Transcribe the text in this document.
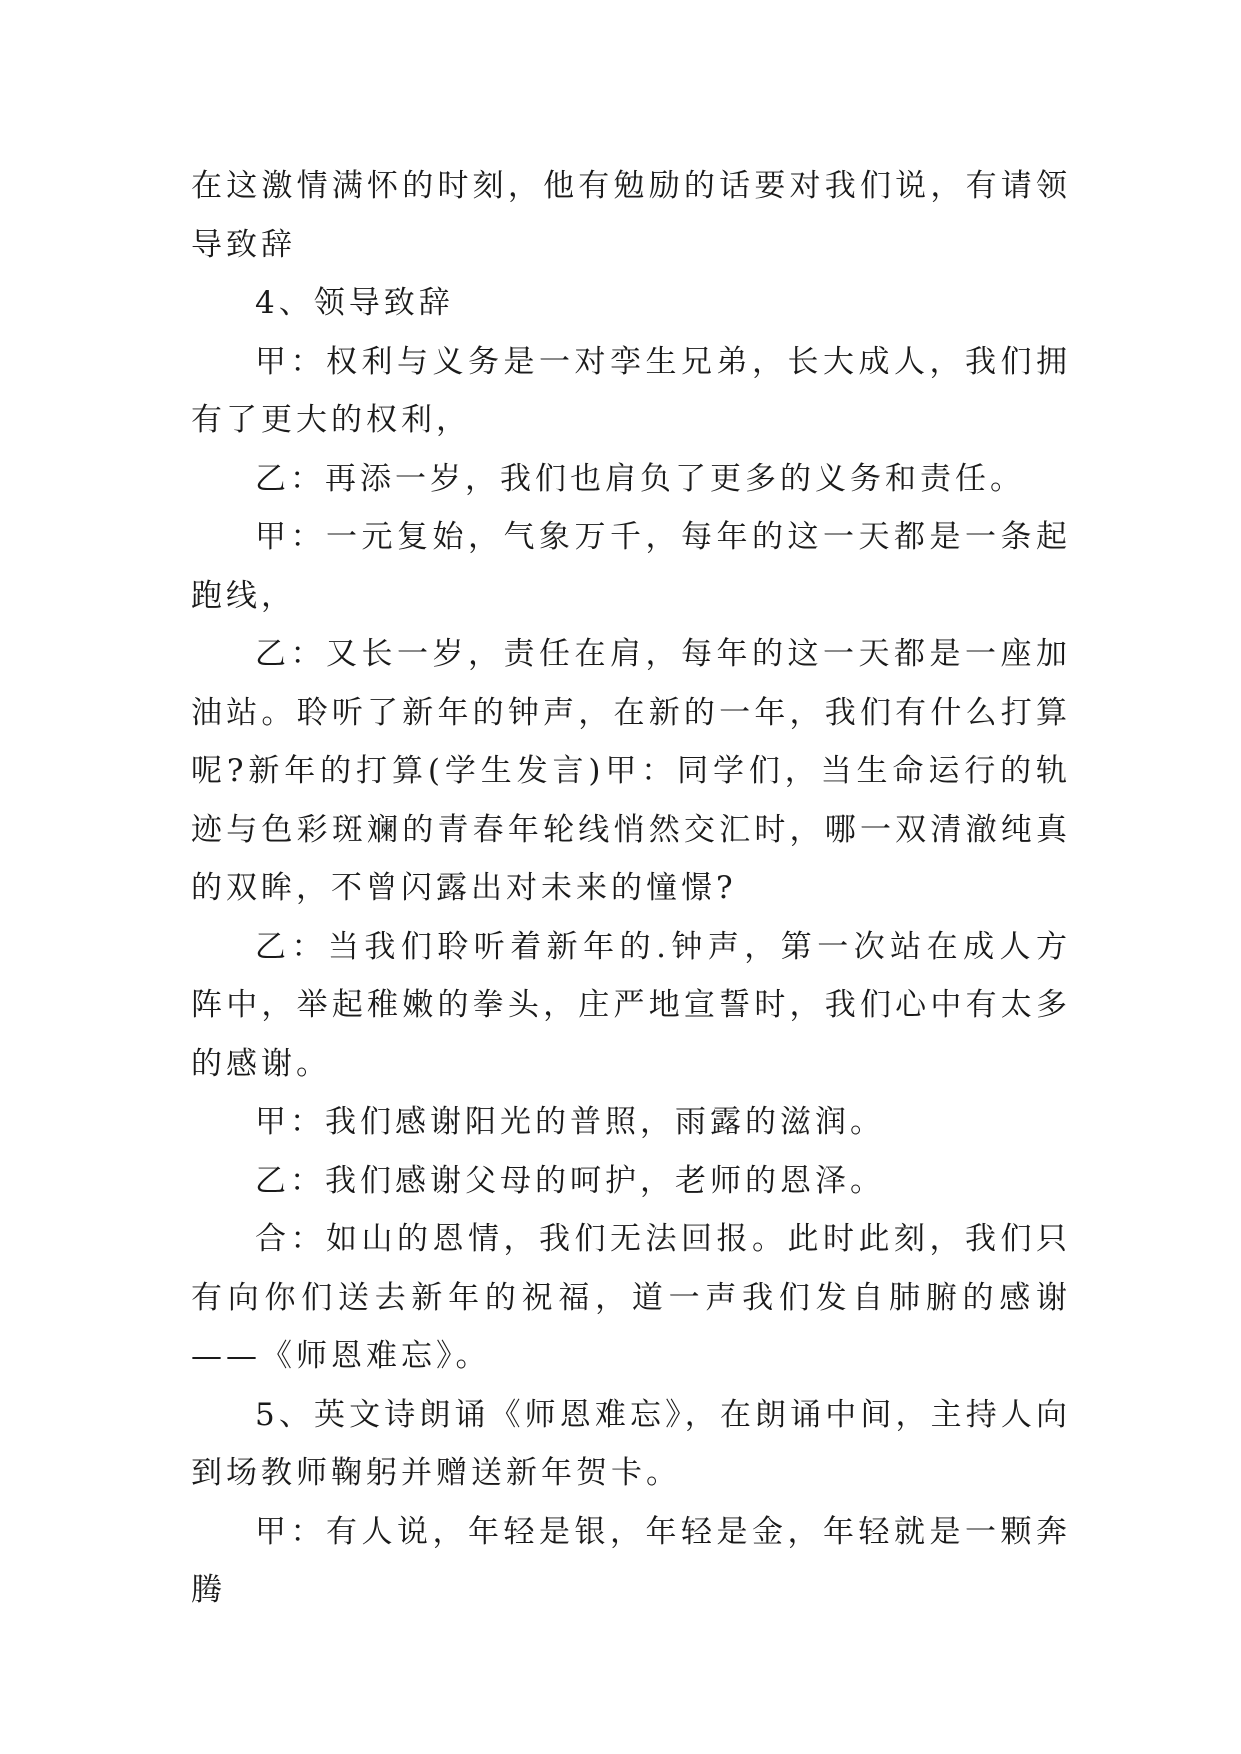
在这激情满怀的时刻，他有勉励的话要对我们说，有请领导致辞

4、领导致辞

甲：权利与义务是一对孪生兄弟，长大成人，我们拥有了更大的权利，

乙：再添一岁，我们也肩负了更多的义务和责任。

甲：一元复始，气象万千，每年的这一天都是一条起跑线，

乙：又长一岁，责任在肩，每年的这一天都是一座加油站。聆听了新年的钟声，在新的一年，我们有什么打算呢?新年的打算(学生发言)甲：同学们，当生命运行的轨迹与色彩斑斓的青春年轮线悄然交汇时，哪一双清澈纯真的双眸，不曾闪露出对未来的憧憬?

乙：当我们聆听着新年的.钟声，第一次站在成人方阵中，举起稚嫩的拳头，庄严地宣誓时，我们心中有太多的感谢。

甲：我们感谢阳光的普照，雨露的滋润。

乙：我们感谢父母的呵护，老师的恩泽。

合：如山的恩情，我们无法回报。此时此刻，我们只有向你们送去新年的祝福，道一声我们发自肺腑的感谢——《师恩难忘》。

5、英文诗朗诵《师恩难忘》，在朗诵中间，主持人向到场教师鞠躬并赠送新年贺卡。

甲：有人说，年轻是银，年轻是金，年轻就是一颗奔腾
